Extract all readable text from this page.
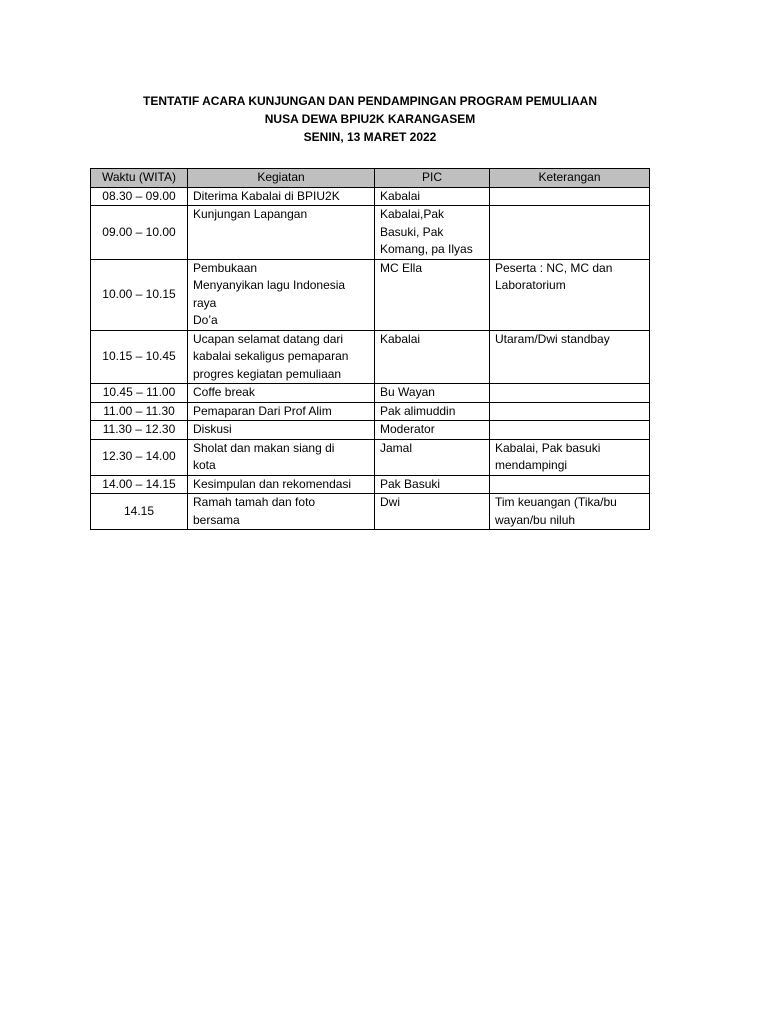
TENTATIF ACARA KUNJUNGAN DAN PENDAMPINGAN PROGRAM PEMULIAAN
NUSA DEWA BPIU2K KARANGASEM
SENIN, 13 MARET 2022
Waktu (WITA)	Kegiatan	PIC	Keterangan
08.30 – 09.00	Diterima Kabalai di BPIU2K	Kabalai	

09.00 – 10.00	Kunjungan Lapangan	Kabalai,Pak
Basuki, Pak
Komang, pa Ilyas	

10.00 – 10.15	Pembukaan
Menyanyikan lagu Indonesia
raya
Do’a	MC Ella	Peserta : NC, MC dan
Laboratorium

10.15 – 10.45	Ucapan selamat datang dari
kabalai sekaligus pemaparan
progres kegiatan pemuliaan	Kabalai	Utaram/Dwi standbay

10.45 – 11.00	Coffe break	Bu Wayan	

11.00 – 11.30	Pemaparan Dari Prof Alim	Pak alimuddin	

11.30 – 12.30	Diskusi	Moderator	

12.30 – 14.00	Sholat dan makan siang di
kota	Jamal	Kabalai, Pak basuki
mendampingi

14.00 – 14.15	Kesimpulan dan rekomendasi	Pak Basuki	

14.15	Ramah tamah dan foto
bersama	Dwi	Tim keuangan (Tika/bu
wayan/bu niluh
